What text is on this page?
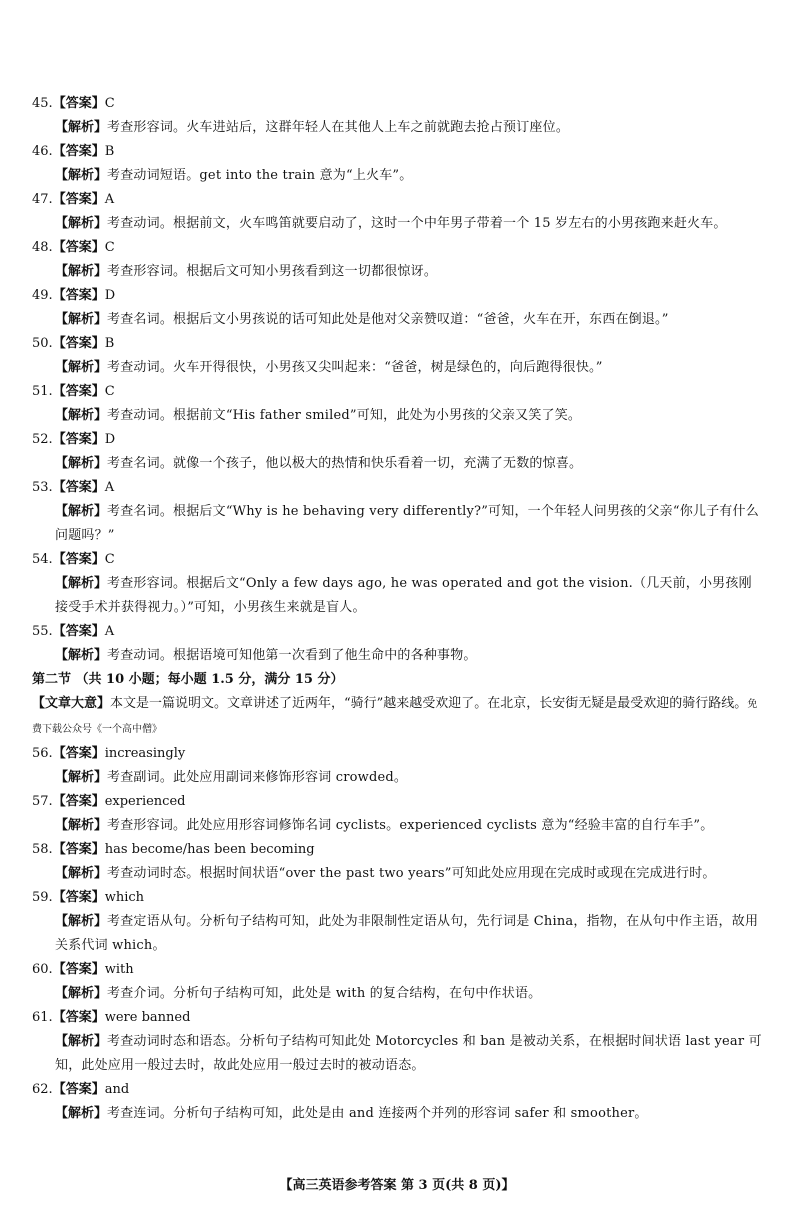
45.【答案】C
【解析】考查形容词。火车进站后，这群年轻人在其他人上车之前就跑去抢占预订座位。
46.【答案】B
【解析】考查动词短语。get into the train 意为“上火车”。
47.【答案】A
【解析】考查动词。根据前文，火车鸣笛就要启动了，这时一个中年男子带着一个 15 岁左右的小男孩跑来赶火车。
48.【答案】C
【解析】考查形容词。根据后文可知小男孩看到这一切都很惊讶。
49.【答案】D
【解析】考查名词。根据后文小男孩说的话可知此处是他对父亲赞叹道：“爸爸，火车在开，东西在倒退。”
50.【答案】B
【解析】考查动词。火车开得很快，小男孩又尖叫起来：“爸爸，树是绿色的，向后跑得很快。”
51.【答案】C
【解析】考查动词。根据前文“His father smiled”可知，此处为小男孩的父亲又笑了笑。
52.【答案】D
【解析】考查名词。就像一个孩子，他以极大的热情和快乐看着一切，充满了无数的惊喜。
53.【答案】A
【解析】考查名词。根据后文“Why is he behaving very differently?”可知，一个年轻人问男孩的父亲“你儿子有什么问题吗？”
54.【答案】C
【解析】考查形容词。根据后文“Only a few days ago, he was operated and got the vision.（几天前，小男孩刚接受手术并获得视力。）”可知，小男孩生来就是盲人。
55.【答案】A
【解析】考查动词。根据语境可知他第一次看到了他生命中的各种事物。
第二节 （共 10 小题；每小题 1.5 分，满分 15 分）
【文章大意】本文是一篇说明文。文章讲述了近两年，“骑行”越来越受欢迎了。在北京，长安街无疑是最受欢迎的骑行路线。免费下载公众号《一个高中僧》
56.【答案】increasingly
【解析】考查副词。此处应用副词来修饰形容词 crowded。
57.【答案】experienced
【解析】考查形容词。此处应用形容词修饰名词 cyclists。experienced cyclists 意为“经验丰富的自行车手”。
58.【答案】has become/has been becoming
【解析】考查动词时态。根据时间状语“over the past two years”可知此处应用现在完成时或现在完成进行时。
59.【答案】which
【解析】考查定语从句。分析句子结构可知，此处为非限制性定语从句，先行词是 China，指物，在从句中作主语，故用关系代词 which。
60.【答案】with
【解析】考查介词。分析句子结构可知，此处是 with 的复合结构，在句中作状语。
61.【答案】were banned
【解析】考查动词时态和语态。分析句子结构可知此处 Motorcycles 和 ban 是被动关系，在根据时间状语 last year 可知，此处应用一般过去时，故此处应用一般过去时的被动语态。
62.【答案】and
【解析】考查连词。分析句子结构可知，此处是由 and 连接两个并列的形容词 safer 和 smoother。
【高三英语参考答案 第 3 页(共 8 页)】
